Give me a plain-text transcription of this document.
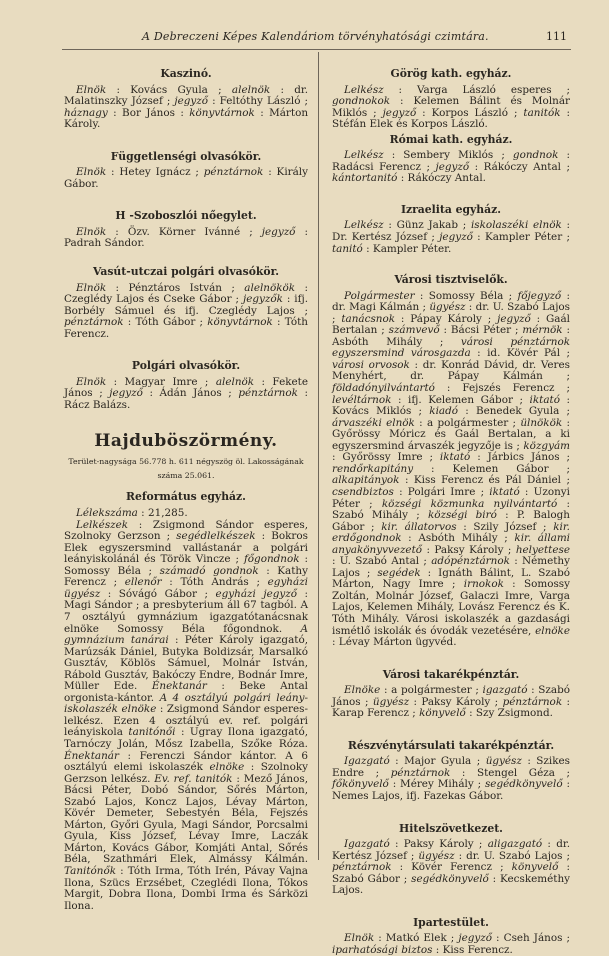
A Debreczeni Képes Kalendáriom törvényhatósági czimtára.	111
Kaszinó.

Elnök : Kovács Gyula ; alelnök : dr. Malatinszky József ; jegyző : Feltóthy László ; háznagy : Bor János : könyvtárnok : Márton Károly.

Függetlenségi olvasókör.

Elnök : Hetey Ignácz ; pénztárnok : Király Gábor.

H -Szoboszlói nőegylet.

Elnök : Özv. Körner Ivánné ; jegyző : Padrah Sándor.

Vasút-utczai polgári olvasókör.

Elnök : Pénztáros István ; alelnökök : Czeglédy Lajos és Cseke Gábor ; jegyzők : ifj. Borbély Sámuel és ifj. Czeglédy Lajos ; pénztárnok : Tóth Gábor ; könyvtárnok : Tóth Ferencz.

Polgári olvasókör.

Elnök : Magyar Imre ; alelnök : Fekete János ; jegyző : Ádán János ; pénztárnok : Rácz Balázs.

Hajduböszörmény.
Terület-nagysága 56.778 h. 611 négyszög öl. Lakosságának száma 25.061.
Református egyház.

Lélekszáma : 21,285.

Lelkészek : Zsigmond Sándor esperes, Szolnoky Gerzson ; segédlelkészek : Bokros Elek egyszersmind vallástanár a polgári leányiskolánál és Török Vincze ; főgondnok : Somossy Béla ; számadó gondnok : Kathy Ferencz ; ellenőr : Tóth András ; egyházi ügyész : Sóvágó Gábor ; egyházi jegyző : Magi Sándor ; a presbyterium áll 67 tagból. A 7 osztályú gymnázium igazgatótanácsnak elnöke Somossy Béla főgondnok. A gymnázium tanárai : Péter Károly igazgató, Marúzsák Dániel, Butyka Boldizsár, Marsalkó Gusztáv, Köblös Sámuel, Molnár István, Rábold Gusztáv, Bakóczy Endre, Bodnár Imre, Müller Ede. Énektanár : Beke Antal orgonista-kántor. A 4 osztályú polgári leány-iskolaszék elnöke : Zsigmond Sándor esperes-lelkész. Ezen 4 osztályú ev. ref. polgári leányiskola tanitónői : Ugray Ilona igazgató, Tarnóczy Jolán, Mősz Izabella, Szőke Róza. Énektanár : Ferenczi Sándor kántor. A 6 osztályú elemi iskolaszék elnöke : Szolnoky Gerzson lelkész. Ev. ref. tanitók : Mező János, Bácsi Péter, Dobó Sándor, Sőrés Márton, Szabó Lajos, Koncz Lajos, Lévay Márton, Kövér Demeter, Sebestyén Béla, Fejszés Márton, Győri Gyula, Magi Sándor, Porcsalmi Gyula, Kiss József, Lévay Imre, Laczák Márton, Kovács Gábor, Komjáti Antal, Sőrés Béla, Szathmári Elek, Almássy Kálmán. Tanitónők : Tóth Irma, Tóth Irén, Pávay Vajna Ilona, Szücs Erzsébet, Czeglédi Ilona, Tókos Margit, Dobra Ilona, Dombi Irma és Sárközi Ilona.

Görög kath. egyház.

Lelkész : Varga László esperes ; gondnokok : Kelemen Bálint és Molnár Miklós ; jegyző : Korpos László ; tanitók : Stéfán Elek és Korpos László.

Római kath. egyház.

Lelkész : Sembery Miklós ; gondnok : Radácsi Ferencz ; jegyző : Rákóczy Antal ; kántortanitó : Rákóczy Antal.

Izraelita egyház.

Lelkész : Günz Jakab ; iskolaszéki elnök : Dr. Kertész József ; jegyző : Kampler Péter ; tanitó : Kampler Péter.

Városi tisztviselők.

Polgármester : Somossy Béla ; főjegyző : dr. Magi Kálmán ; ügyész : dr. U. Szabó Lajos ; tanácsnok : Pápay Károly ; jegyző : Gaál Bertalan ; számvevő : Bácsi Péter ; mérnök : Asbóth Mihály ; városi pénztárnok egyszersmind városgazda : id. Kövér Pál ; városi orvosok : dr. Konrád Dávid, dr. Veres Menyhért, dr. Pápay Kálmán ; földadónyilvántartó : Fejszés Ferencz ; levéltárnok : ifj. Kelemen Gábor ; iktató : Kovács Miklós ; kiadó : Benedek Gyula ; árvaszéki elnök : a polgármester ; ülnökök : Győrössy Móricz és Gaál Bertalan, a ki egyszersmind árvaszék jegyzője is ; közgyám : Győrössy Imre ; iktató : Járbics János ; rendőrkapitány : Kelemen Gábor ; alkapitányok : Kiss Ferencz és Pál Dániel ; csendbiztos : Polgári Imre ; iktató : Uzonyi Péter ; községi közmunka nyilvántartó : Szabó Mihály ; községi biró : P. Balogh Gábor ; kir. állatorvos : Szily József ; kir. erdőgondnok : Asbóth Mihály ; kir. állami anyakönyvvezető : Paksy Károly ; helyettese : U. Szabó Antal ; adópénztárnok : Némethy Lajos ; segédek : Ignáth Bálint, L. Szabó Márton, Nagy Imre ; irnokok : Somossy Zoltán, Molnár József, Galaczi Imre, Varga Lajos, Kelemen Mihály, Lovász Ferencz és K. Tóth Mihály. Városi iskolaszék a gazdasági ismétlő iskolák és óvodák vezetésére, elnöke : Lévay Márton ügyvéd.

Városi takarékpénztár.

Elnöke : a polgármester ; igazgató : Szabó János ; ügyész : Paksy Károly ; pénztárnok : Karap Ferencz ; könyvelő : Szy Zsigmond.

Részvénytársulati takarékpénztár.

Igazgató : Major Gyula ; ügyész : Szikes Endre ; pénztárnok : Stengel Géza ; főkönyvelő : Mérey Mihály ; segédkönyvelő : Nemes Lajos, ifj. Fazekas Gábor.

Hitelszövetkezet.

Igazgató : Paksy Károly ; aligazgató : dr. Kertész József ; ügyész : dr. U. Szabó Lajos ; pénztárnok : Kövér Ferencz ; könyvelő : Szabó Gábor ; segédkönyvelő : Kecskeméthy Lajos.

Ipartestület.

Elnök : Matkó Elek ; jegyző : Cseh János ; iparhatósági biztos : Kiss Ferencz.
